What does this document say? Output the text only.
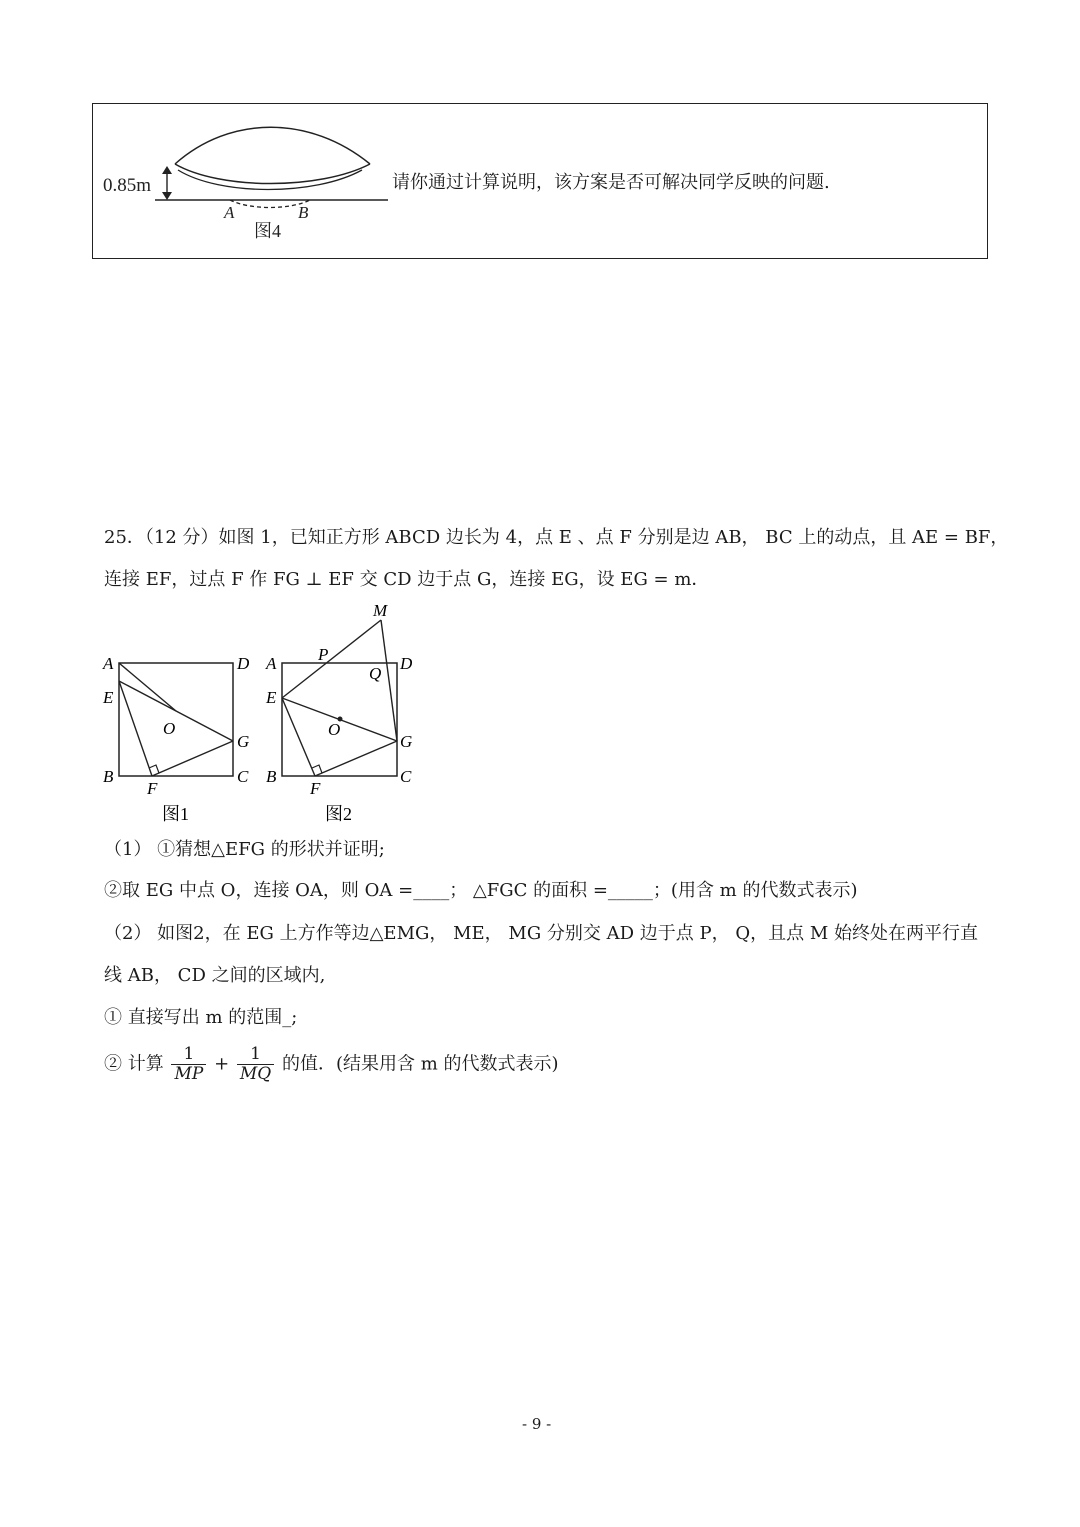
0.85m
A	B
图4
请你通过计算说明，该方案是否可解决同学反映的问题.
25．（12 分）如图 1，已知正方形 ABCD 边长为 4，点 E 、点 F 分别是边 AB， BC 上的动点，且 AE = BF，
连接 EF，过点 F 作 FG ⊥ EF 交 CD 边于点 G，连接 EG，设 EG = m．
A	D
E
O
G
B
F
C
图1
M
P
A
Q
D
E
O
G
B
F
C
图2
（1） ①猜想△EFG 的形状并证明;
②取 EG 中点 O，连接 OA，则 OA =____； △FGC 的面积 =_____；(用含 m 的代数式表示)
（2） 如图2，在 EG 上方作等边△EMG， ME， MG 分别交 AD 边于点 P， Q，且点 M 始终处在两平行直
线 AB， CD 之间的区域内,
① 直接写出 m 的范围_;
② 计算 $\frac{1}{MP} + \frac{1}{MQ}$ 的值．(结果用含 m 的代数式表示)
- 9 -
